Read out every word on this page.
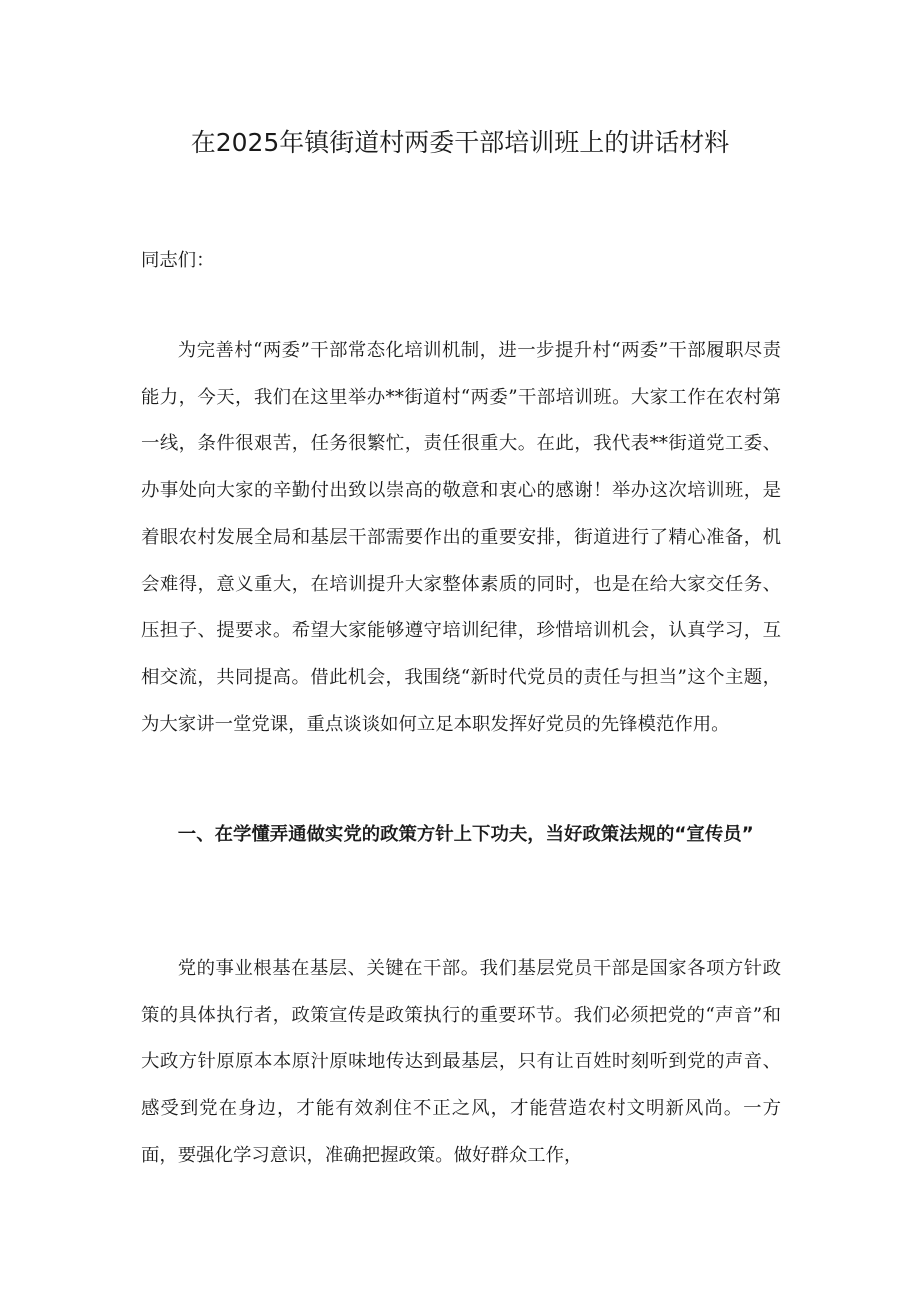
在2025年镇街道村两委干部培训班上的讲话材料

同志们：

为完善村“两委”干部常态化培训机制，进一步提升村“两委”干部履职尽责能力，今天，我们在这里举办**街道村“两委”干部培训班。大家工作在农村第一线，条件很艰苦，任务很繁忙，责任很重大。在此，我代表**街道党工委、办事处向大家的辛勤付出致以崇高的敬意和衷心的感谢！举办这次培训班，是着眼农村发展全局和基层干部需要作出的重要安排，街道进行了精心准备，机会难得，意义重大，在培训提升大家整体素质的同时，也是在给大家交任务、压担子、提要求。希望大家能够遵守培训纪律，珍惜培训机会，认真学习，互相交流，共同提高。借此机会，我围绕“新时代党员的责任与担当”这个主题，为大家讲一堂党课，重点谈谈如何立足本职发挥好党员的先锋模范作用。

一、在学懂弄通做实党的政策方针上下功夫，当好政策法规的“宣传员”

党的事业根基在基层、关键在干部。我们基层党员干部是国家各项方针政策的具体执行者，政策宣传是政策执行的重要环节。我们必须把党的“声音”和大政方针原原本本原汁原味地传达到最基层，只有让百姓时刻听到党的声音、感受到党在身边，才能有效刹住不正之风，才能营造农村文明新风尚。一方面，要强化学习意识，准确把握政策。做好群众工作，
